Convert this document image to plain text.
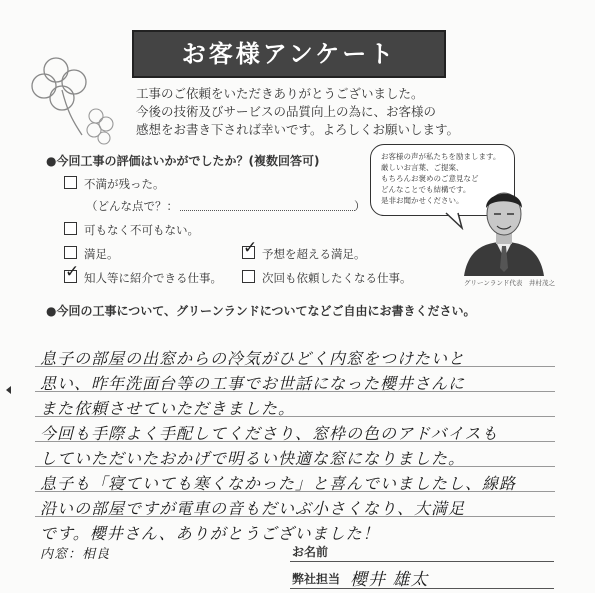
お客様アンケート
工事のご依頼をいただきありがとうございました。
今後の技術及びサービスの品質向上の為に、お客様の
感想をお書き下されば幸いです。よろしくお願いします。
●今回工事の評価はいかがでしたか？(複数回答可)
不満が残った。
（どんな点で？：	）
可もなく不可もない。
満足。	✓ 予想を超える満足。
✓ 知人等に紹介できる仕事。	次回も依頼したくなる仕事。
お客様の声が私たちを励まします。
厳しいお言葉、ご提案、
もちろんお褒めのご意見など
どんなことでも結構です。
是非お聞かせください。
グリーンランド代表　井村茂之
●今回の工事について、グリーンランドについてなどご自由にお書きください。
息子の部屋の出窓からの冷気がひどく内窓をつけたいと
思い、昨年洗面台等の工事でお世話になった櫻井さんに
また依頼させていただきました。
今回も手際よく手配してくださり、窓枠の色のアドバイスも
していただいたおかげで明るい快適な窓になりました。
息子も「寝ていても寒くなかった」と喜んでいましたし、線路
沿いの部屋ですが電車の音もだいぶ小さくなり、大満足
です。櫻井さん、ありがとうございました！
内窓：相良	お名前
弊社担当 櫻井 雄太
